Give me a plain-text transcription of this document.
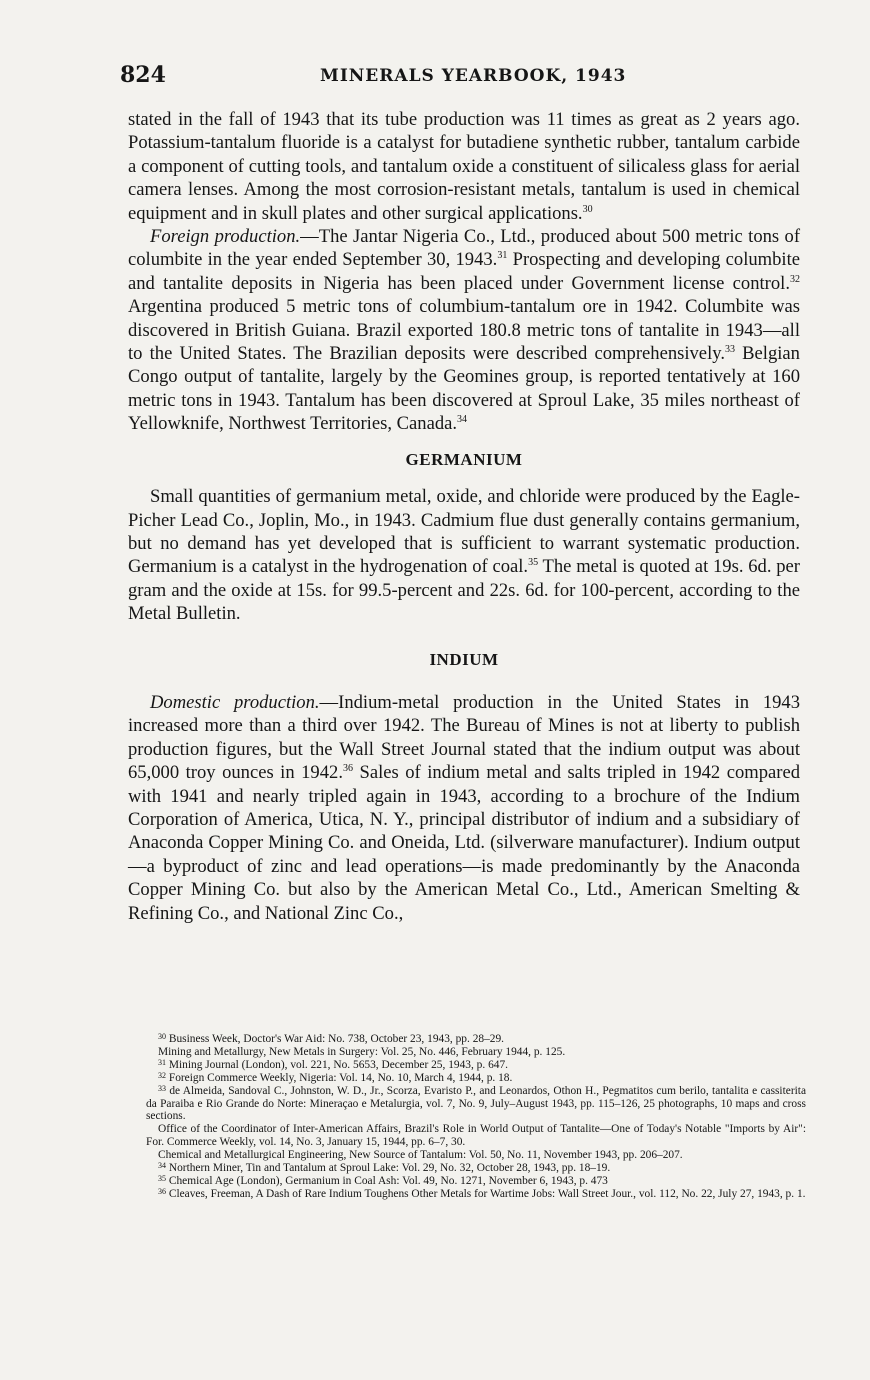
824	MINERALS YEARBOOK, 1943

stated in the fall of 1943 that its tube production was 11 times as great as 2 years ago. Potassium-tantalum fluoride is a catalyst for butadiene synthetic rubber, tantalum carbide a component of cutting tools, and tantalum oxide a constituent of silicaless glass for aerial camera lenses. Among the most corrosion-resistant metals, tantalum is used in chemical equipment and in skull plates and other surgical applications.$^{30}$

Foreign production.—The Jantar Nigeria Co., Ltd., produced about 500 metric tons of columbite in the year ended September 30, 1943.31 Prospecting and developing columbite and tantalite deposits in Nigeria has been placed under Government license control.$^{32}$ Argentina produced 5 metric tons of columbium-tantalum ore in 1942. Columbite was discovered in British Guiana. Brazil exported 180.8 metric tons of tantalite in 1943—all to the United States. The Brazilian deposits were described comprehensively.$^{33}$ Belgian Congo output of tantalite, largely by the Geomines group, is reported tentatively at 160 metric tons in 1943. Tantalum has been discovered at Sproul Lake, 35 miles northeast of Yellowknife, Northwest Territories, Canada.$^{34}$

GERMANIUM

Small quantities of germanium metal, oxide, and chloride were produced by the Eagle-Picher Lead Co., Joplin, Mo., in 1943. Cadmium flue dust generally contains germanium, but no demand has yet developed that is sufficient to warrant systematic production. Germanium is a catalyst in the hydrogenation of coal.$^{35}$ The metal is quoted at 19s. 6d. per gram and the oxide at 15s. for 99.5-percent and 22s. 6d. for 100-percent, according to the Metal Bulletin.

INDIUM

Domestic production.—Indium-metal production in the United States in 1943 increased more than a third over 1942. The Bureau of Mines is not at liberty to publish production figures, but the Wall Street Journal stated that the indium output was about 65,000 troy ounces in 1942.36 Sales of indium metal and salts tripled in 1942 compared with 1941 and nearly tripled again in 1943, according to a brochure of the Indium Corporation of America, Utica, N. Y., principal distributor of indium and a subsidiary of Anaconda Copper Mining Co. and Oneida, Ltd. (silverware manufacturer). Indium output—a byproduct of zinc and lead operations—is made predominantly by the Anaconda Copper Mining Co. but also by the American Metal Co., Ltd., American Smelting & Refining Co., and National Zinc Co.,

$^{30}$ Business Week, Doctor's War Aid: No. 738, October 23, 1943, pp. 28–29.

Mining and Metallurgy, New Metals in Surgery: Vol. 25, No. 446, February 1944, p. 125.

$^{31}$ Mining Journal (London), vol. 221, No. 5653, December 25, 1943, p. 647.

$^{32}$ Foreign Commerce Weekly, Nigeria: Vol. 14, No. 10, March 4, 1944, p. 18.

$^{33}$ de Almeida, Sandoval C., Johnston, W. D., Jr., Scorza, Evaristo P., and Leonardos, Othon H., Pegmatitos cum berilo, tantalita e cassiterita da Paraiba e Rio Grande do Norte: Mineraçao e Metalurgia, vol. 7, No. 9, July–August 1943, pp. 115–126, 25 photographs, 10 maps and cross sections.

Office of the Coordinator of Inter-American Affairs, Brazil's Role in World Output of Tantalite—One of Today's Notable "Imports by Air": For. Commerce Weekly, vol. 14, No. 3, January 15, 1944, pp. 6–7, 30.

Chemical and Metallurgical Engineering, New Source of Tantalum: Vol. 50, No. 11, November 1943, pp. 206–207.

$^{34}$ Northern Miner, Tin and Tantalum at Sproul Lake: Vol. 29, No. 32, October 28, 1943, pp. 18–19.

$^{35}$ Chemical Age (London), Germanium in Coal Ash: Vol. 49, No. 1271, November 6, 1943, p. 473

$^{36}$ Cleaves, Freeman, A Dash of Rare Indium Toughens Other Metals for Wartime Jobs: Wall Street Jour., vol. 112, No. 22, July 27, 1943, p. 1.
